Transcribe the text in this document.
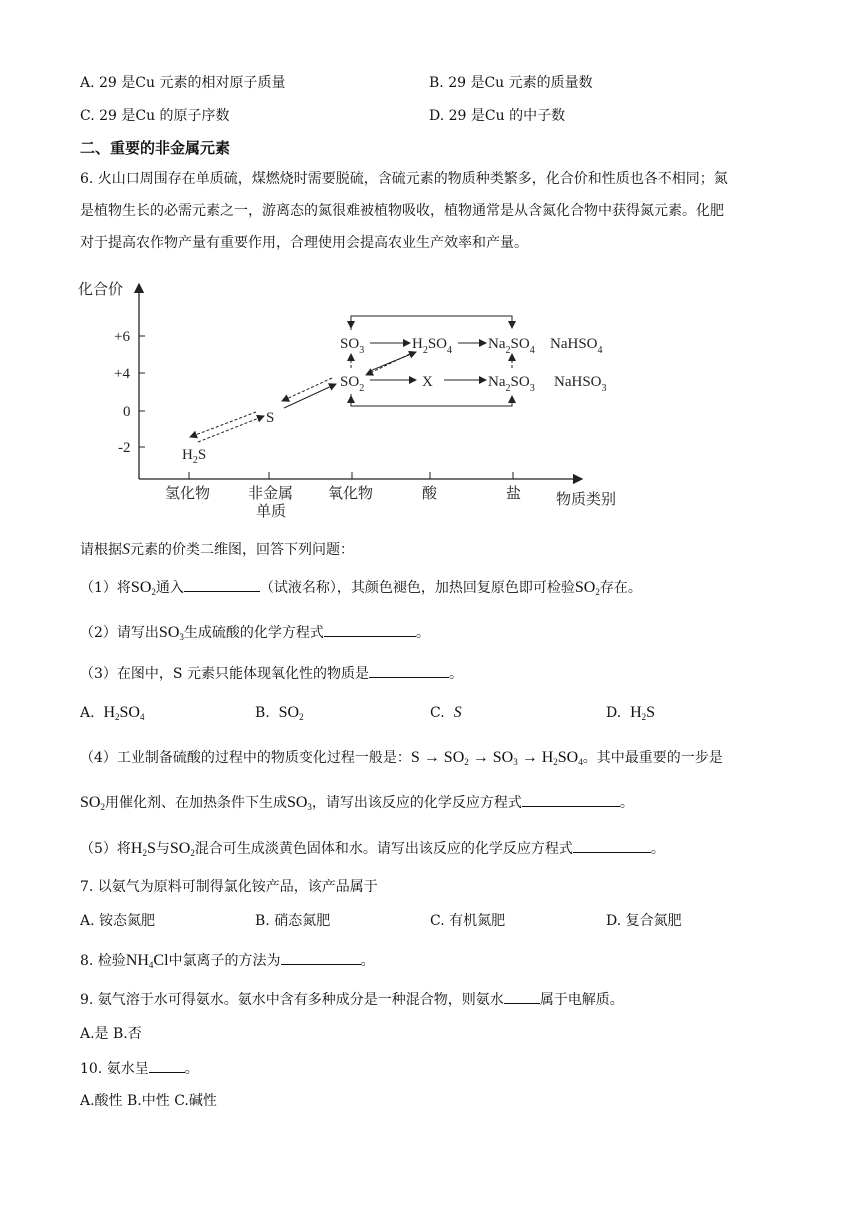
A. 29 是Cu 元素的相对原子质量	B. 29 是Cu 元素的质量数
C. 29 是Cu 的原子序数	D. 29 是Cu 的中子数
二、重要的非金属元素
6. 火山口周围存在单质硫，煤燃烧时需要脱硫，含硫元素的物质种类繁多，化合价和性质也各不相同；氮
是植物生长的必需元素之一，游离态的氮很难被植物吸收，植物通常是从含氮化合物中获得氮元素。化肥
对于提高农作物产量有重要作用，合理使用会提高农业生产效率和产量。
化合价
+6
+4
0
-2
氢化物	非金属
单质
氧化物	酸	盐 物质类别
$H_2S$
S
$SO_3$
$SO_2$
$H_2SO_4$
X
$Na_2SO_4$ NaHSO$_4$
$Na_2SO_3$ NaHSO$_3$
请根据S元素的价类二维图，回答下列问题：
（1）将$SO_2$通入	（试液名称），其颜色褪色，加热回复原色即可检验$SO_2$存在。
（2）请写出$SO_3$生成硫酸的化学方程式	。
（3）在图中，S 元素只能体现氧化性的物质是	。
A. $H_2SO_4$	B. $SO_2$	C. S	D. $H_2S$
（4）工业制备硫酸的过程中的物质变化过程一般是：$S \to SO_2 \to SO_3 \to H_2SO_4$。其中最重要的一步是
$SO_2$用催化剂、在加热条件下生成$SO_3$，请写出该反应的化学反应方程式	。
（5）将$H_2S$与$SO_2$混合可生成淡黄色固体和水。请写出该反应的化学反应方程式	。
7. 以氨气为原料可制得氯化铵产品，该产品属于
A. 铵态氮肥	B. 硝态氮肥	C. 有机氮肥	D. 复合氮肥
8. 检验$NH_4Cl$中氯离子的方法为	。
9. 氨气溶于水可得氨水。氨水中含有多种成分是一种混合物，则氨水	属于电解质。
A.是 B.否
10. 氨水呈	。
A.酸性 B.中性 C.碱性
